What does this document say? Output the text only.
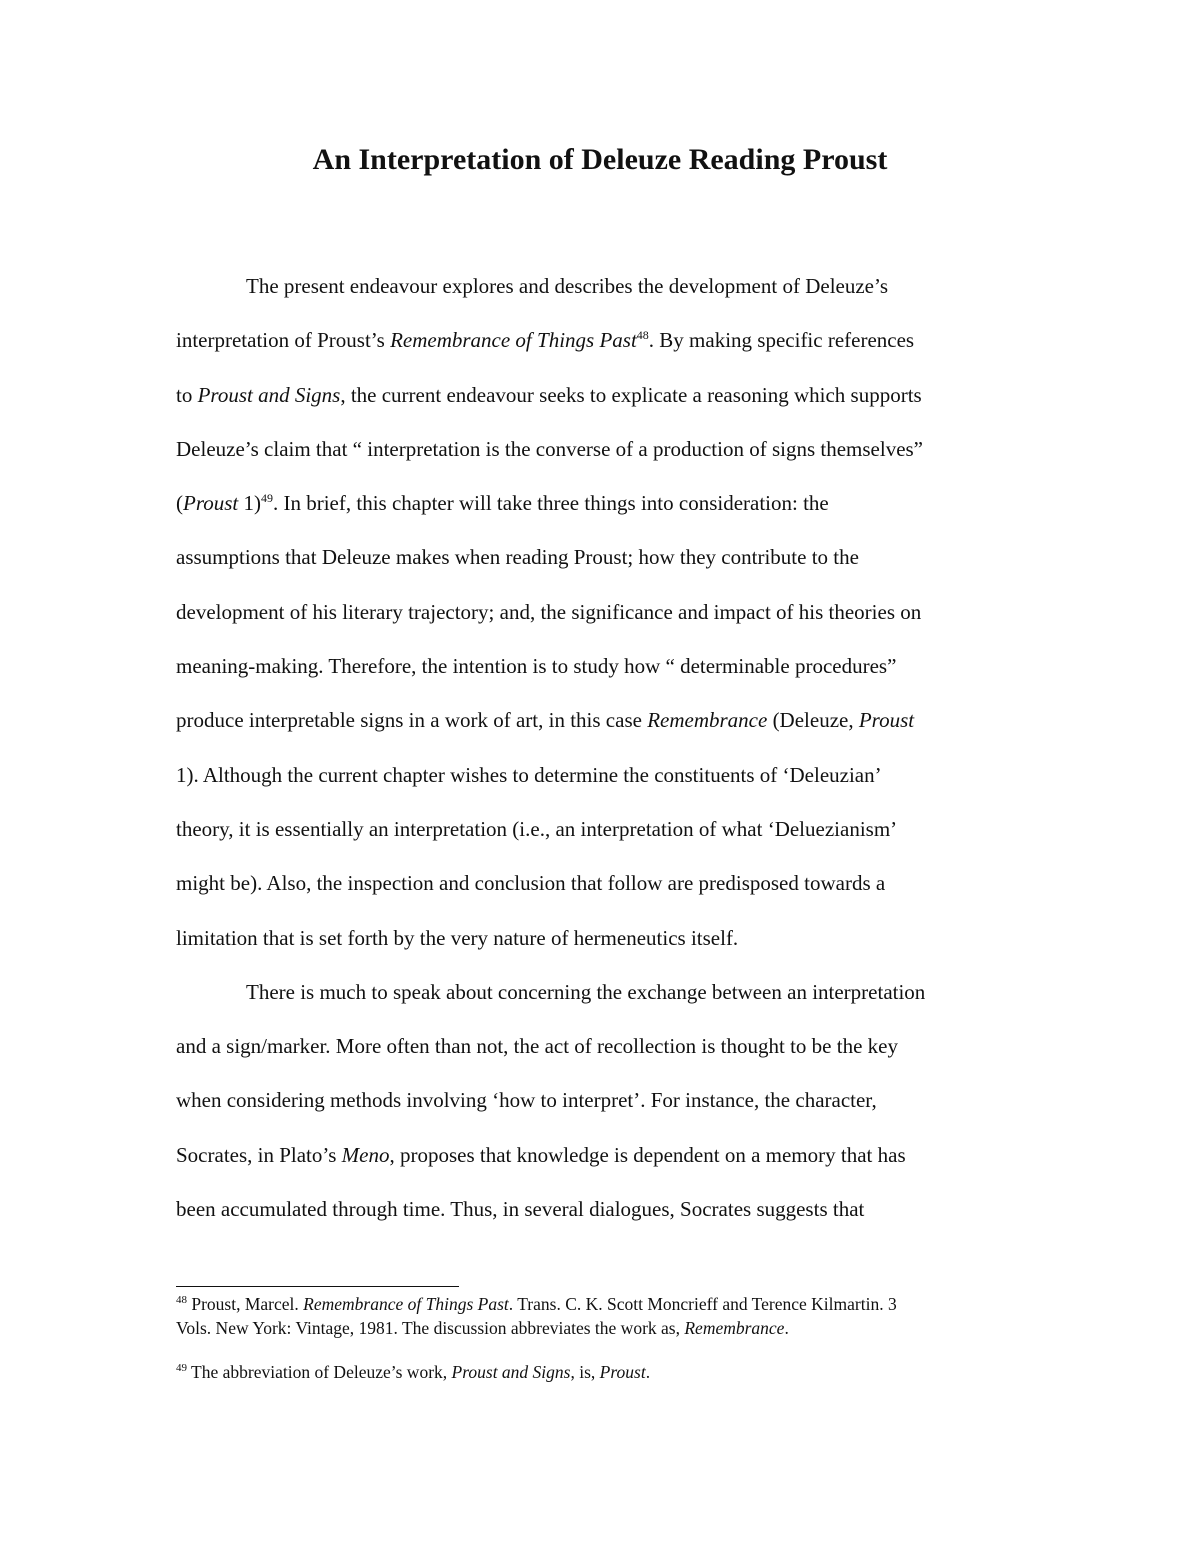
An Interpretation of Deleuze Reading Proust
The present endeavour explores and describes the development of Deleuze’s
interpretation of Proust’s Remembrance of Things Past$^{48}$. By making specific references
to Proust and Signs, the current endeavour seeks to explicate a reasoning which supports
Deleuze’s claim that “ interpretation is the converse of a production of signs themselves”
(Proust 1)$^{49}$. In brief, this chapter will take three things into consideration: the
assumptions that Deleuze makes when reading Proust; how they contribute to the
development of his literary trajectory; and, the significance and impact of his theories on
meaning-making. Therefore, the intention is to study how “ determinable procedures”
produce interpretable signs in a work of art, in this case Remembrance (Deleuze, Proust
1). Although the current chapter wishes to determine the constituents of ‘Deleuzian’
theory, it is essentially an interpretation (i.e., an interpretation of what ‘Deluezianism’
might be). Also, the inspection and conclusion that follow are predisposed towards a
limitation that is set forth by the very nature of hermeneutics itself.
There is much to speak about concerning the exchange between an interpretation
and a sign/marker. More often than not, the act of recollection is thought to be the key
when considering methods involving ‘how to interpret’. For instance, the character,
Socrates, in Plato’s Meno, proposes that knowledge is dependent on a memory that has
been accumulated through time. Thus, in several dialogues, Socrates suggests that

$^{48}$ Proust, Marcel. Remembrance of Things Past. Trans. C. K. Scott Moncrieff and Terence Kilmartin. 3
Vols. New York: Vintage, 1981. The discussion abbreviates the work as, Remembrance.

$^{49}$ The abbreviation of Deleuze’s work, Proust and Signs, is, Proust.
